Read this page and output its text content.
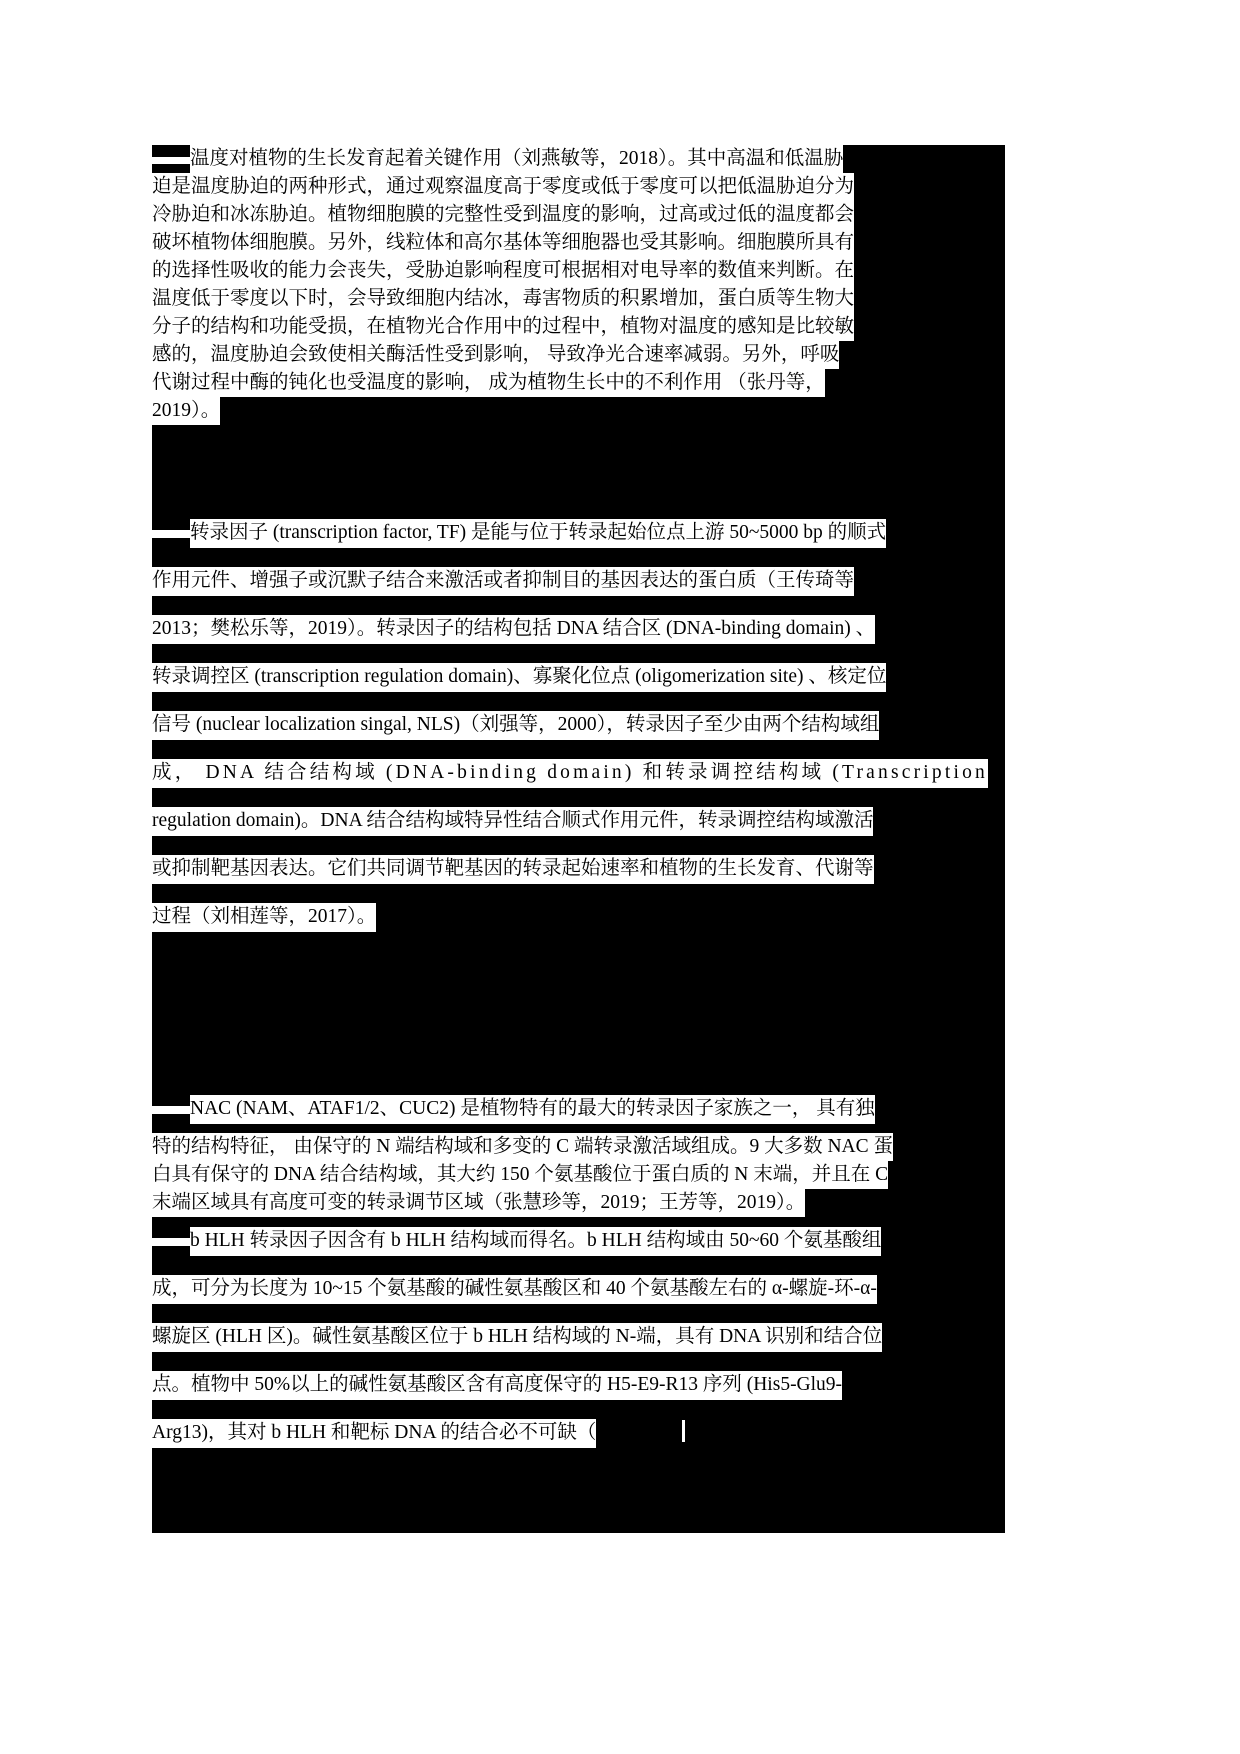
温度对植物的生长发育起着关键作用（刘燕敏等，2018）。其中高温和低温胁
迫是温度胁迫的两种形式，通过观察温度高于零度或低于零度可以把低温胁迫分为
冷胁迫和冰冻胁迫。植物细胞膜的完整性受到温度的影响，过高或过低的温度都会
破坏植物体细胞膜。另外，线粒体和高尔基体等细胞器也受其影响。细胞膜所具有
的选择性吸收的能力会丧失，受胁迫影响程度可根据相对电导率的数值来判断。在
温度低于零度以下时，会导致细胞内结冰，毒害物质的积累增加，蛋白质等生物大
分子的结构和功能受损，在植物光合作用中的过程中，植物对温度的感知是比较敏
感的，温度胁迫会致使相关酶活性受到影响， 导致净光合速率减弱。另外，呼吸
代谢过程中酶的钝化也受温度的影响， 成为植物生长中的不利作用 （张丹等，
2019）。
转录因子 (transcription factor, TF) 是能与位于转录起始位点上游 50~5000 bp 的顺式
作用元件、增强子或沉默子结合来激活或者抑制目的基因表达的蛋白质（王传琦等
2013；樊松乐等，2019）。转录因子的结构包括 DNA 结合区 (DNA-binding domain) 、
转录调控区 (transcription regulation domain)、寡聚化位点 (oligomerization site) 、核定位
信号 (nuclear localization singal, NLS)（刘强等，2000），转录因子至少由两个结构域组
成， DNA 结合结构域 (DNA-binding domain) 和转录调控结构域 (Transcription
regulation domain)。DNA 结合结构域特异性结合顺式作用元件，转录调控结构域激活
或抑制靶基因表达。它们共同调节靶基因的转录起始速率和植物的生长发育、代谢等
过程（刘相莲等，2017）。
NAC (NAM、ATAF1/2、CUC2) 是植物特有的最大的转录因子家族之一， 具有独
特的结构特征， 由保守的 N 端结构域和多变的 C 端转录激活域组成。9 大多数 NAC 蛋
白具有保守的 DNA 结合结构域，其大约 150 个氨基酸位于蛋白质的 N 末端，并且在 C
末端区域具有高度可变的转录调节区域（张慧珍等，2019；王芳等，2019）。
b HLH 转录因子因含有 b HLH 结构域而得名。b HLH 结构域由 50~60 个氨基酸组
成，可分为长度为 10~15 个氨基酸的碱性氨基酸区和 40 个氨基酸左右的 α-螺旋-环-α-
螺旋区 (HLH 区)。碱性氨基酸区位于 b HLH 结构域的 N-端，具有 DNA 识别和结合位
点。植物中 50%以上的碱性氨基酸区含有高度保守的 H5-E9-R13 序列 (His5-Glu9-
Arg13)，其对 b HLH 和靶标 DNA 的结合必不可缺（
